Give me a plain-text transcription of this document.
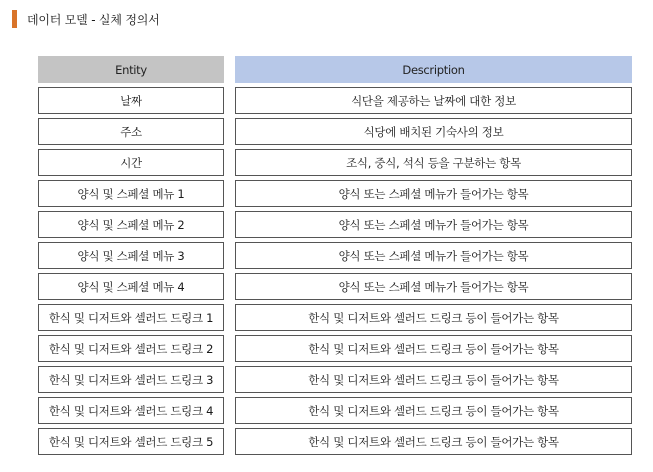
데이터 모델 - 실체 정의서
Entity	Description
날짜	식단을 제공하는 날짜에 대한 정보
주소	식당에 배치된 기숙사의 정보
시간	조식, 중식, 석식 등을 구분하는 항목
양식 및 스페셜 메뉴 1	양식 또는 스페셜 메뉴가 들어가는 항목
양식 및 스페셜 메뉴 2	양식 또는 스페셜 메뉴가 들어가는 항목
양식 및 스페셜 메뉴 3	양식 또는 스페셜 메뉴가 들어가는 항목
양식 및 스페셜 메뉴 4	양식 또는 스페셜 메뉴가 들어가는 항목
한식 및 디저트와 셀러드 드링크 1	한식 및 디저트와 셀러드 드링크 등이 들어가는 항목
한식 및 디저트와 셀러드 드링크 2	한식 및 디저트와 셀러드 드링크 등이 들어가는 항목
한식 및 디저트와 셀러드 드링크 3	한식 및 디저트와 셀러드 드링크 등이 들어가는 항목
한식 및 디저트와 셀러드 드링크 4	한식 및 디저트와 셀러드 드링크 등이 들어가는 항목
한식 및 디저트와 셀러드 드링크 5	한식 및 디저트와 셀러드 드링크 등이 들어가는 항목
